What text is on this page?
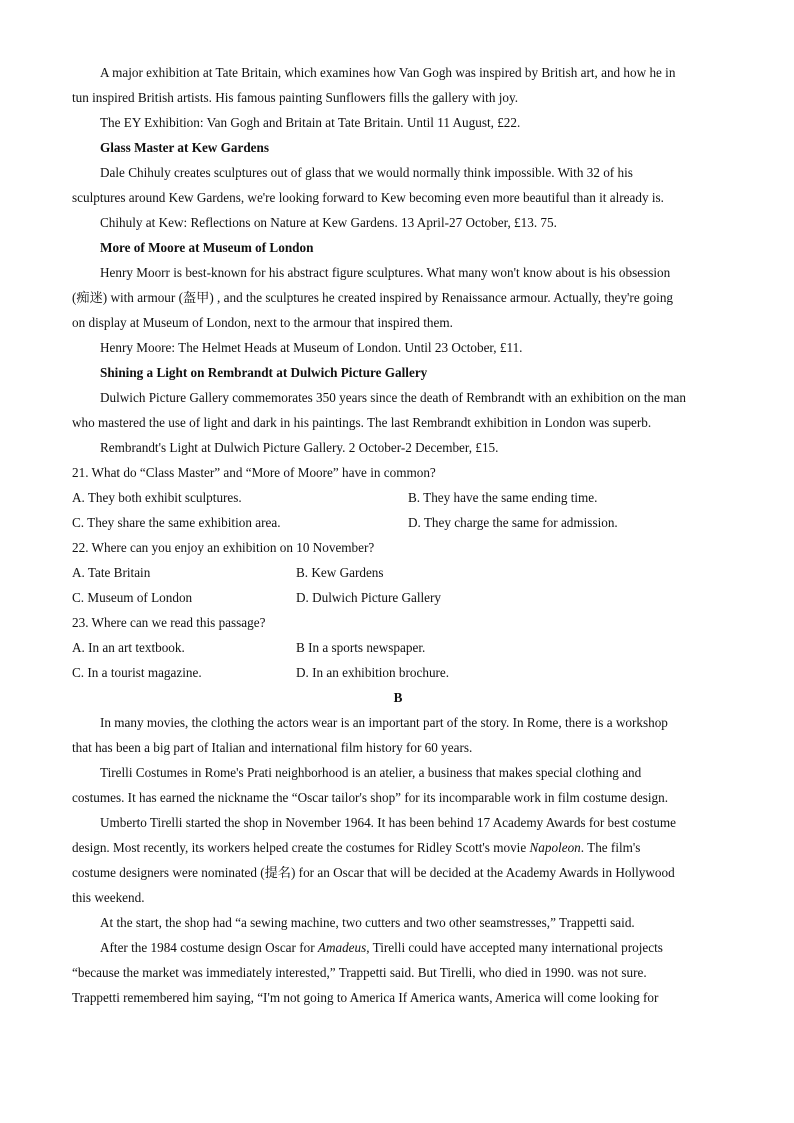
A major exhibition at Tate Britain, which examines how Van Gogh was inspired by British art, and how he in
tun inspired British artists. His famous painting Sunflowers fills the gallery with joy.
The EY Exhibition: Van Gogh and Britain at Tate Britain. Until 11 August, £22.
Glass Master at Kew Gardens
Dale Chihuly creates sculptures out of glass that we would normally think impossible. With 32 of his
sculptures around Kew Gardens, we're looking forward to Kew becoming even more beautiful than it already is.
Chihuly at Kew: Reflections on Nature at Kew Gardens. 13 April-27 October, £13. 75.
More of Moore at Museum of London
Henry Moorr is best-known for his abstract figure sculptures. What many won't know about is his obsession
(痴迷) with armour (盔甲) , and the sculptures he created inspired by Renaissance armour. Actually, they're going
on display at Museum of London, next to the armour that inspired them.
Henry Moore: The Helmet Heads at Museum of London. Until 23 October, £11.
Shining a Light on Rembrandt at Dulwich Picture Gallery
Dulwich Picture Gallery commemorates 350 years since the death of Rembrandt with an exhibition on the man
who mastered the use of light and dark in his paintings. The last Rembrandt exhibition in London was superb.
Rembrandt's Light at Dulwich Picture Gallery. 2 October-2 December, £15.
21. What do “Class Master” and “More of Moore” have in common?
A. They both exhibit sculptures.	B. They have the same ending time.
C. They share the same exhibition area.	D. They charge the same for admission.
22. Where can you enjoy an exhibition on 10 November?
A. Tate Britain	B. Kew Gardens
C. Museum of London	D. Dulwich Picture Gallery
23. Where can we read this passage?
A. In an art textbook.	B In a sports newspaper.
C. In a tourist magazine.	D. In an exhibition brochure.
B
In many movies, the clothing the actors wear is an important part of the story. In Rome, there is a workshop
that has been a big part of Italian and international film history for 60 years.
Tirelli Costumes in Rome's Prati neighborhood is an atelier, a business that makes special clothing and
costumes. It has earned the nickname the “Oscar tailor's shop” for its incomparable work in film costume design.
Umberto Tirelli started the shop in November 1964. It has been behind 17 Academy Awards for best costume
design. Most recently, its workers helped create the costumes for Ridley Scott's movie Napoleon. The film's
costume designers were nominated (提名) for an Oscar that will be decided at the Academy Awards in Hollywood
this weekend.
At the start, the shop had “a sewing machine, two cutters and two other seamstresses,” Trappetti said.
After the 1984 costume design Oscar for Amadeus, Tirelli could have accepted many international projects
“because the market was immediately interested,” Trappetti said. But Tirelli, who died in 1990. was not sure.
Trappetti remembered him saying, “I'm not going to America If America wants, America will come looking for
